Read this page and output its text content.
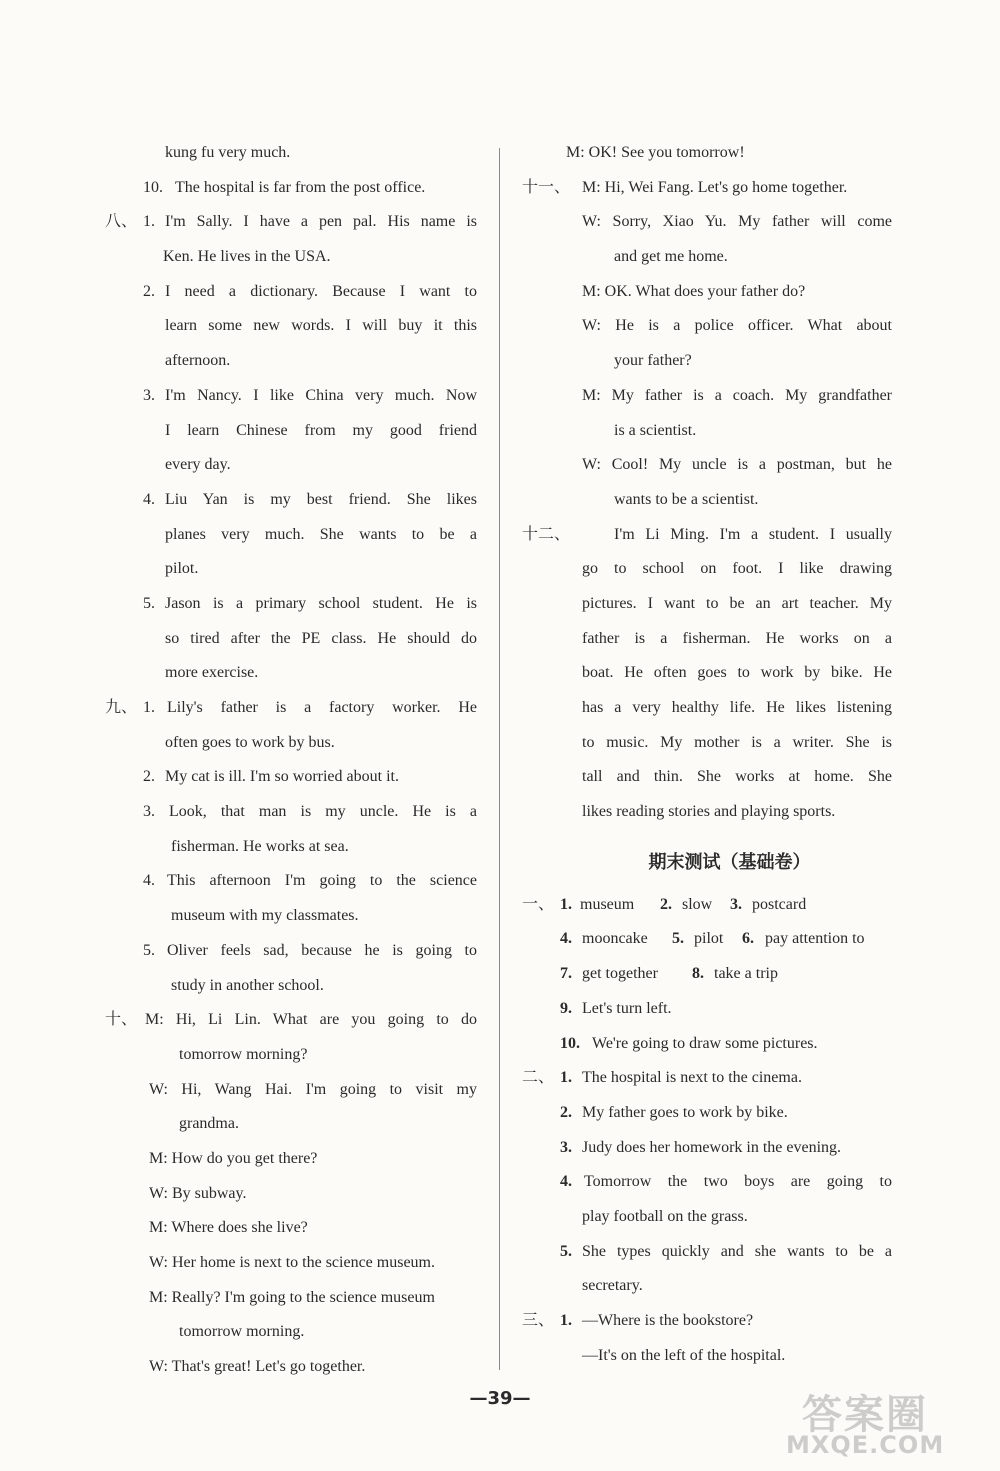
kung fu very much.
10. The hospital is far from the post office.
八、 1. I'm Sally. I have a pen pal. His name is
Ken. He lives in the USA.
2. I need a dictionary. Because I want to
learn some new words. I will buy it this
afternoon.
3. I'm Nancy. I like China very much. Now
I learn Chinese from my good friend
every day.
4. Liu Yan is my best friend. She likes
planes very much. She wants to be a
pilot.
5. Jason is a primary school student. He is
so tired after the PE class. He should do
more exercise.
九、 1. Lily's father is a factory worker. He
often goes to work by bus.
2. My cat is ill. I'm so worried about it.
3. Look, that man is my uncle. He is a
fisherman. He works at sea.
4. This afternoon I'm going to the science
museum with my classmates.
5. Oliver feels sad, because he is going to
study in another school.
十、 M: Hi, Li Lin. What are you going to do
tomorrow morning?
W: Hi, Wang Hai. I'm going to visit my
grandma.
M: How do you get there?
W: By subway.
M: Where does she live?
W: Her home is next to the science museum.
M: Really? I'm going to the science museum
tomorrow morning.
W: That's great! Let's go together.
M: OK! See you tomorrow!
十一、 M: Hi, Wei Fang. Let's go home together.
W: Sorry, Xiao Yu. My father will come
and get me home.
M: OK. What does your father do?
W: He is a police officer. What about
your father?
M: My father is a coach. My grandfather
is a scientist.
W: Cool! My uncle is a postman, but he
wants to be a scientist.
十二、	I'm Li Ming. I'm a student. I usually
go to school on foot. I like drawing
pictures. I want to be an art teacher. My
father is a fisherman. He works on a
boat. He often goes to work by bike. He
has a very healthy life. He likes listening
to music. My mother is a writer. She is
tall and thin. She works at home. She
likes reading stories and playing sports.
期末测试（基础卷）
一、 1. museum 2. slow 3. postcard
4. mooncake 5. pilot 6. pay attention to
7. get together 8. take a trip
9. Let's turn left.
10. We're going to draw some pictures.
二、 1. The hospital is next to the cinema.
2. My father goes to work by bike.
3. Judy does her homework in the evening.
4. Tomorrow the two boys are going to
play football on the grass.
5. She types quickly and she wants to be a
secretary.
三、 1. —Where is the bookstore?
—It's on the left of the hospital.
—39—	答案圈
MXQE.COM
